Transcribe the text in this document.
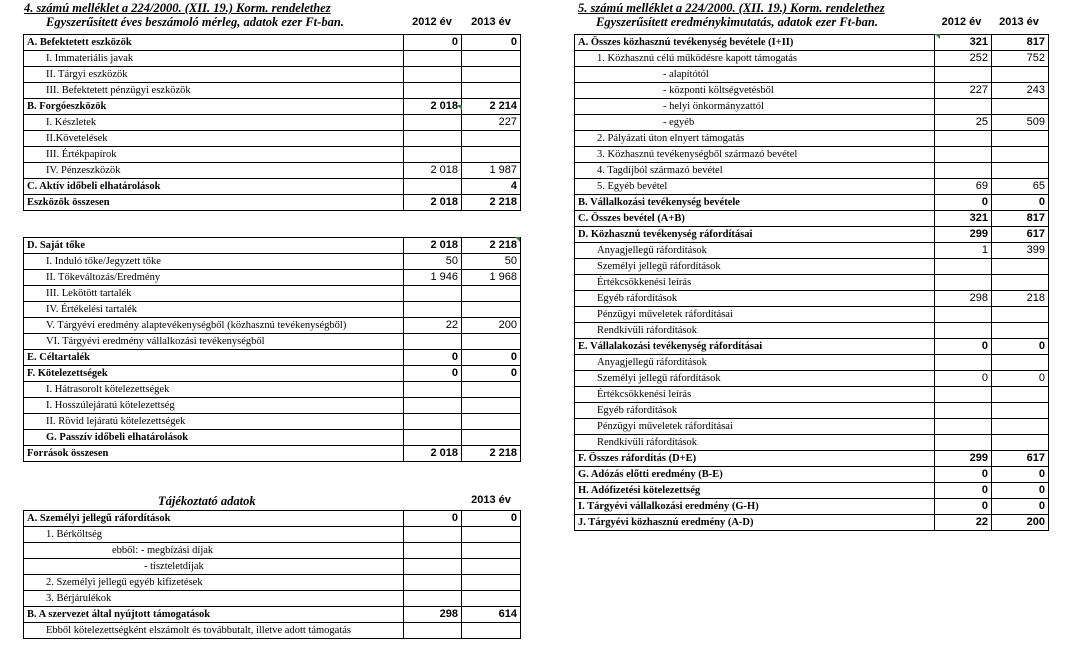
4. számú melléklet a 224/2000. (XII. 19.) Korm. rendelethez
Egyszerűsített éves beszámoló mérleg, adatok ezer Ft-ban.	2012 év	2013 év
A. Befektetett eszközök	0	0
I. Immateriális javak		
II. Tárgyi eszközök		
III. Befektetett pénzügyi eszközök		
B. Forgóeszközök	2 018	2 214
I. Készletek		227
II.Követelések		
III. Értékpapírok		
IV. Pénzeszközök	2 018	1 987
C. Aktív időbeli elhatárolások		4
Eszközök összesen	2 018	2 218
D. Saját tőke	2 018	2 218
I. Induló tőke/Jegyzett tőke	50	50
II. Tőkeváltozás/Eredmény	1 946	1 968
III. Lekötött tartalék		
IV. Értékelési tartalék		
V. Tárgyévi eredmény alaptevékenységből (közhasznú tevékenységből)	22	200
VI. Tárgyévi eredmény vállalkozási tevékenységből		
E. Céltartalék	0	0
F. Kötelezettségek	0	0
I. Hátrasorolt kötelezettségek		
I. Hosszúlejáratú kötelezettség		
II. Rövid lejáratú kötelezettségek		
G. Passzív időbeli elhatárolások		
Források összesen	2 018	2 218
Tájékoztató adatok	2013 év
A. Személyi jellegű ráfordítások	0	0
1. Bérköltség		
ebből: - megbízási díjak		
- tiszteletdíjak		
2. Személyi jellegű egyéb kifizetések		
3. Bérjárulékok		
B. A szervezet által nyújtott támogatások	298	614
Ebből kötelezettségként elszámolt és továbbutalt, illetve adott támogatás		
5. számú melléklet a 224/2000. (XII. 19.) Korm. rendelethez
Egyszerűsített eredménykimutatás, adatok ezer Ft-ban.	2012 év	2013 év
A. Összes közhasznú tevékenység bevétele (I+II)	321	817
1. Közhasznú célú működésre kapott támogatás	252	752
- alapítótól		
- központi költségvetésből	227	243
- helyi önkormányzattól		
- egyéb	25	509
2. Pályázati úton elnyert támogatás		
3. Közhasznú tevékenységből származó bevétel		
4. Tagdíjból származó bevétel		
5. Egyéb bevétel	69	65
B. Vállalkozási tevékenység bevétele	0	0
C. Összes bevétel (A+B)	321	817
D. Közhasznú tevékenység ráfordításai	299	617
Anyagjellegű ráfordítások	1	399
Személyi jellegű ráfordítások		
Értékcsökkenési leírás		
Egyéb ráfordítások	298	218
Pénzügyi műveletek ráfordításai		
Rendkívüli ráfordítások		
E. Vállalakozási tevékenység ráfordításai	0	0
Anyagjellegű ráfordítások		
Személyi jellegű ráfordítások	0	0
Értékcsökkenési leírás		
Egyéb ráfordítások		
Pénzügyi műveletek ráfordításai		
Rendkívüli ráfordítások		
F. Összes ráfordítás (D+E)	299	617
G. Adózás előtti eredmény (B-E)	0	0
H. Adófizetési kötelezettség	0	0
I. Tárgyévi vállalkozási eredmény (G-H)	0	0
J. Tárgyévi közhasznú eredmény (A-D)	22	200
